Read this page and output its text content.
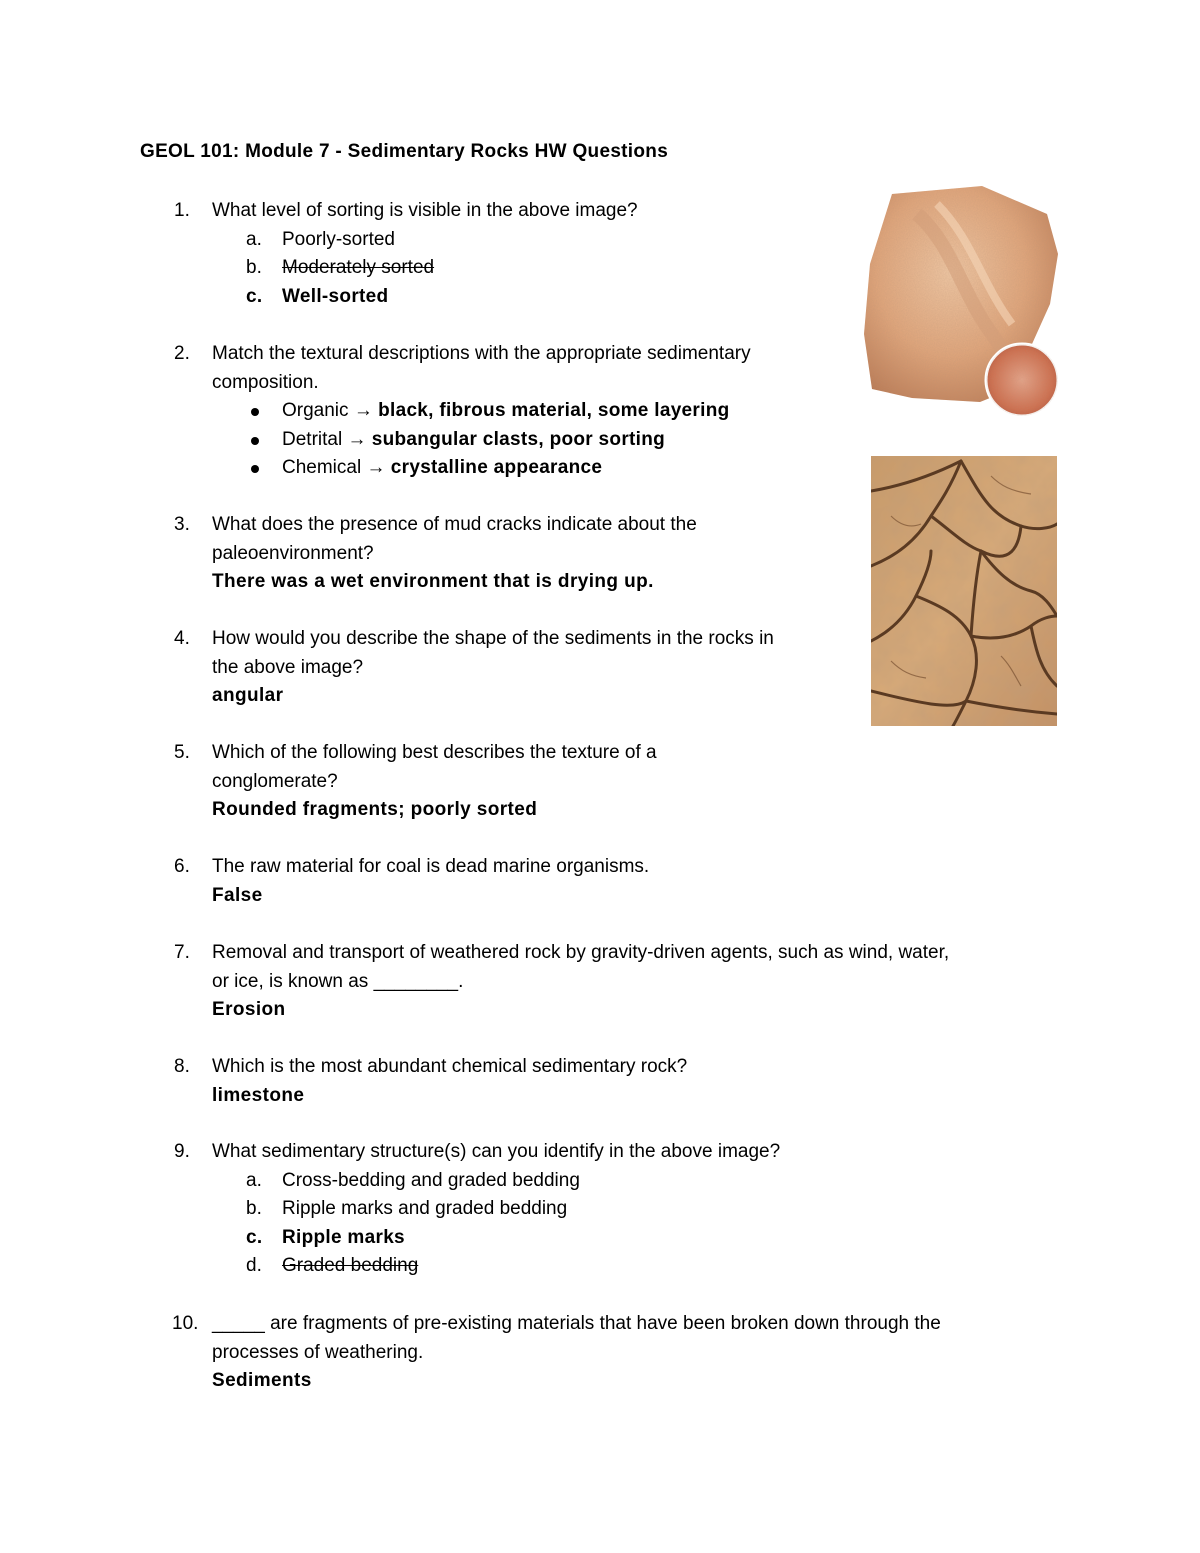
GEOL 101: Module 7 - Sedimentary Rocks HW Questions
1.	What level of sorting is visible in the above image?
a. Poorly-sorted
b. Moderately sorted
c. Well-sorted
2.	Match the textural descriptions with the appropriate sedimentary
composition.
Organic → black, fibrous material, some layering
Detrital → subangular clasts, poor sorting
Chemical → crystalline appearance
3.	What does the presence of mud cracks indicate about the
paleoenvironment?
There was a wet environment that is drying up.
4.	How would you describe the shape of the sediments in the rocks in
the above image?
angular
5.	Which of the following best describes the texture of a
conglomerate?
Rounded fragments; poorly sorted
6.	The raw material for coal is dead marine organisms.
False
7.	Removal and transport of weathered rock by gravity-driven agents, such as wind, water,
or ice, is known as ________.
Erosion
8.	Which is the most abundant chemical sedimentary rock?
limestone
9.	What sedimentary structure(s) can you identify in the above image?
a. Cross-bedding and graded bedding
b. Ripple marks and graded bedding
c. Ripple marks
d. Graded bedding
10. _____ are fragments of pre-existing materials that have been broken down through the
processes of weathering.
Sediments
